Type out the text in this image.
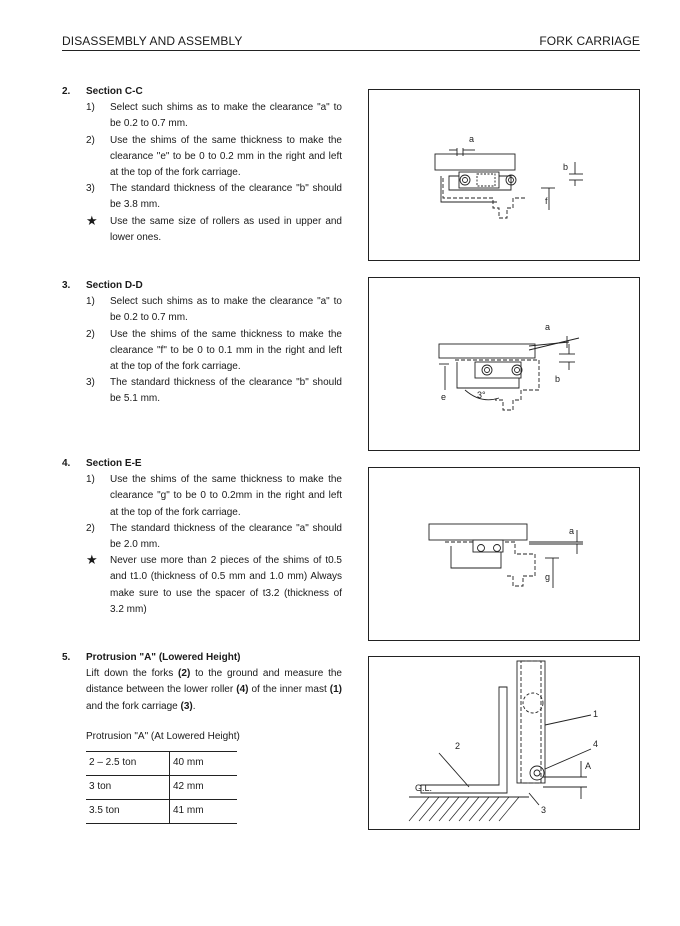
DISASSEMBLY AND ASSEMBLY	FORK CARRIAGE
2. Section C-C
1) Select such shims as to make the clearance "a" to be 0.2 to 0.7 mm.
2) Use the shims of the same thickness to make the clearance "e" to be 0 to 0.2 mm in the right and left at the top of the fork carriage.
3) The standard thickness of the clearance "b" should be 3.8 mm.
★ Use the same size of rollers as used in upper and lower ones.
3. Section D-D
1) Select such shims as to make the clearance "a" to be 0.2 to 0.7 mm.
2) Use the shims of the same thickness to make the clearance "f" to be 0 to 0.1 mm in the right and left at the top of the fork carriage.
3) The standard thickness of the clearance "b" should be 5.1 mm.
4. Section E-E
1) Use the shims of the same thickness to make the clearance "g" to be 0 to 0.2mm in the right and left at the top of the fork carriage.
2) The standard thickness of the clearance "a" should be 2.0 mm.
★ Never use more than 2 pieces of the shims of t0.5 and t1.0 (thickness of 0.5 mm and 1.0 mm) Always make sure to use the spacer of t3.2 (thickness of 3.2 mm)
5. Protrusion "A" (Lowered Height)
Lift down the forks (2) to the ground and measure the distance between the lower roller (4) of the inner mast (1) and the fork carriage (3).
Protrusion "A" (At Lowered Height)
2 – 2.5 ton	40 mm
3 ton	42 mm
3.5 ton	41 mm
a
b
f
a
b
e	3°
a
g
G.L.
1
2
3
4
A
